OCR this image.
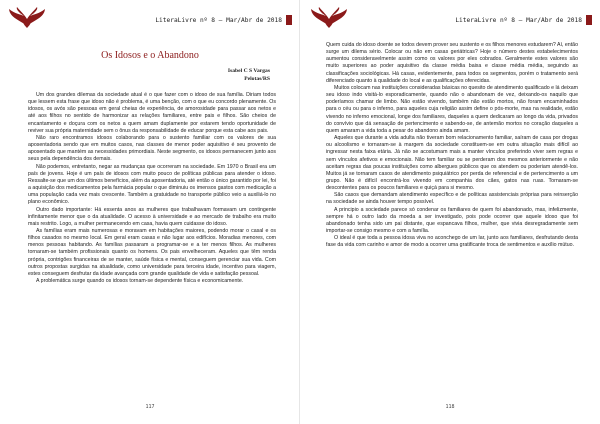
LiteraLivre nº 8 – Mar/Abr de 2018
Os Idosos e o Abandono
Isabel C S Vargas
Pelotas/RS

Um dos grandes dilemas da sociedade atual é o que fazer com o idoso de sua família. Diriam todos que lessem esta frase que idoso não é problema, é uma benção, com o que eu concordo plenamente. Os idosos, os avós são pessoas em geral cheias de experiência, de amorosidade para passar aos netos e até aos filhos no sentido de harmonizar as relações familiares, entre pais e filhos. São cheios de encantamento e doçura com os netos a quem amam duplamente por estarem tendo oportunidade de reviver sua própria maternidade sem o ônus da responsabilidade de educar porque esta cabe aos pais.

Não raro encontramos idosos colaborando para o sustento familiar com os valores de sua aposentadoria sendo que em muitos casos, nas classes de menor poder aquisitivo é seu provento de aposentado que mantém as necessidades primordiais. Neste segmento, os idosos permanecem junto aos seus pela dependência dos demais.

Não podemos, entretanto, negar as mudanças que ocorreram na sociedade. Em 1970 o Brasil era um país de jovens. Hoje é um país de idosos com muito pouco de políticas públicas para atender o idoso. Ressalte-se que um dos últimos benefícios, além da aposentadoria, até então o único garantido por lei, foi a aquisição dos medicamentos pela farmácia popular o que diminuiu os imensos gastos com medicação a uma população cada vez mais crescente. Também a gratuidade no transporte público veio a auxiliá-lo no plano econômico.

Outro dado importante: Há essenta anos as mulheres que trabalhavam formavam um contingente infinitamente menor que o da atualidade. O acesso à universidade e ao mercado de trabalho era muito mais restrito. Logo, a mulher permanecendo em casa, havia quem cuidasse do idoso.

As famílias eram mais numerosas e moravam em habitações maiores, podendo morar o casal e os filhos casados no mesmo local. Em geral eram casas e não lugar aos edifícios. Moradias menores, com menos pessoas habitando. As famílias passaram a programar-se e a ter menos filhos. As mulheres tornaram-se também profissionais quanto os homens. Os pais envelheceram. Aqueles que têm renda própria, contrigões financeiras de se manter, saúde física e mental, conseguem gerenciar sua vida. Com outros propostas surgidas na atualidade, como universidade para terceira idade, incentivo para viagem, estes conseguem desfrutar da idade avançada com grande qualidade de vida e satisfação pessoal.

A problemática surge quando os idosos tornam-se dependente física e economicamente.

117
LiteraLivre nº 8 – Mar/Abr de 2018

Quem cuida do idoso doente se todos devem prover seu sustento e os filhos menores estudarem? Aí, então surge um dilema sério. Colocar ou não em casas geriátricas? Hoje o número destes estabelecimentos aumentou consideravelmente assim como os valores por eles cobrados. Geralmente estes valores são muito superiores ao poder aquisitivo da classe média baixa e classe média média, seguindo as classificações sociológicas. Há casas, evidentemente, para todos os segmentos, porém o tratamento será diferenciado quanto à qualidade do local e as qualificações oferecidas.

Muitos colocam nas instituições consideradas básicas no quesito de atendimento qualificado e lá deixam seu idoso indo visitá-lo esporadicamente, quando não o abandonam de vez, deixando-os naquilo que poderíamos chamar de limbo. Não estão vivendo, também não estão mortos, não foram encaminhados para o céu ou para o inferno, para aqueles cuja religião assim define o pós-morte, mas na realidade, estão vivendo no inferno emocional, longe dos familiares, daqueles a quem dedicaram ao longo da vida, privados do convívio que dá sensação de pertencimento e sabendo-se, de antemão mortos no coração daqueles a quem amaram a vida toda a pesar do abandono ainda amam.

Aqueles que durante a vida adulta não tiveram bom relacionamento familiar, saíram de casa por drogas ou alcoolismo e tornaram-se à margem da sociedade constituem-se em outra situação mais difícil ao ingressar nesta faixa etária. Já não se acostumam mais a manter vínculos preferindo viver sem regras e sem vínculos afetivos e emocionais. Não tem familiar ou se perderam dos mesmos anteriormente e não aceitam regras das poucas instituições como albergues públicos que os atendem ou poderiam atendê-los. Muitos já se tornaram casos de atendimento psiquiátrico por perda de referencial e de pertencimento a um grupo. Não é difícil encontrá-los vivendo em companhia dos cães, gatos nas ruas. Tornaram-se descontentes para os poucos familiares e quiçá para si mesmo.

São casos que demandam atendimento específico e de políticas assistenciais próprias para reinserção na sociedade se ainda houver tempo possível.

A principio a sociedade parece só condenar os familiares de quem foi abandonado, mas, infelizmente, sempre há o outro lado da moeda a ser investigado, pois pode ocorrer que aquele idoso que foi abandonado tenha sido um pai distante, que espancava filhos, mulher, que vivia desregradamente sem importar-se consigo mesmo e com a família.

O ideal é que toda a pessoa idosa viva no aconchego de um lar, junto aos familiares, desfrutando desta fase da vida com carinho e amor de modo a ocorrer uma gratificante troca de sentimentos e auxílio mútuo.

118
